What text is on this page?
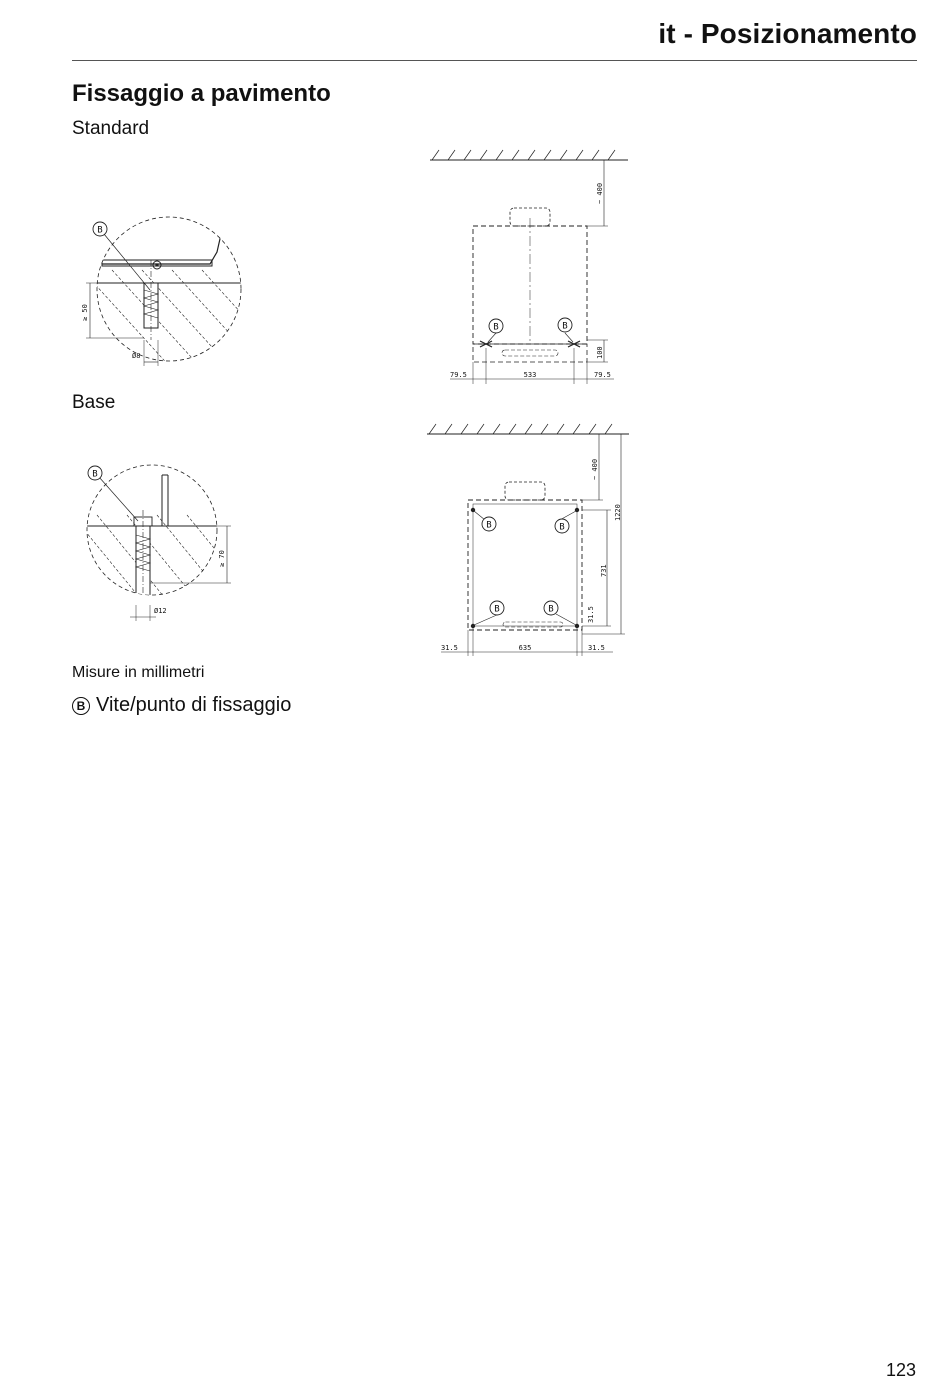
it - Posizionamento
Fissaggio a pavimento
Standard
Base
B
≥ 50
Ø8
B	B
~ 400
100
79.5	533	79.5
B
≥ 70
Ø12
B	B
B	B
~ 400
1220
731
31.5
31.5	635	31.5
Misure in millimetri
B Vite/punto di fissaggio
123
